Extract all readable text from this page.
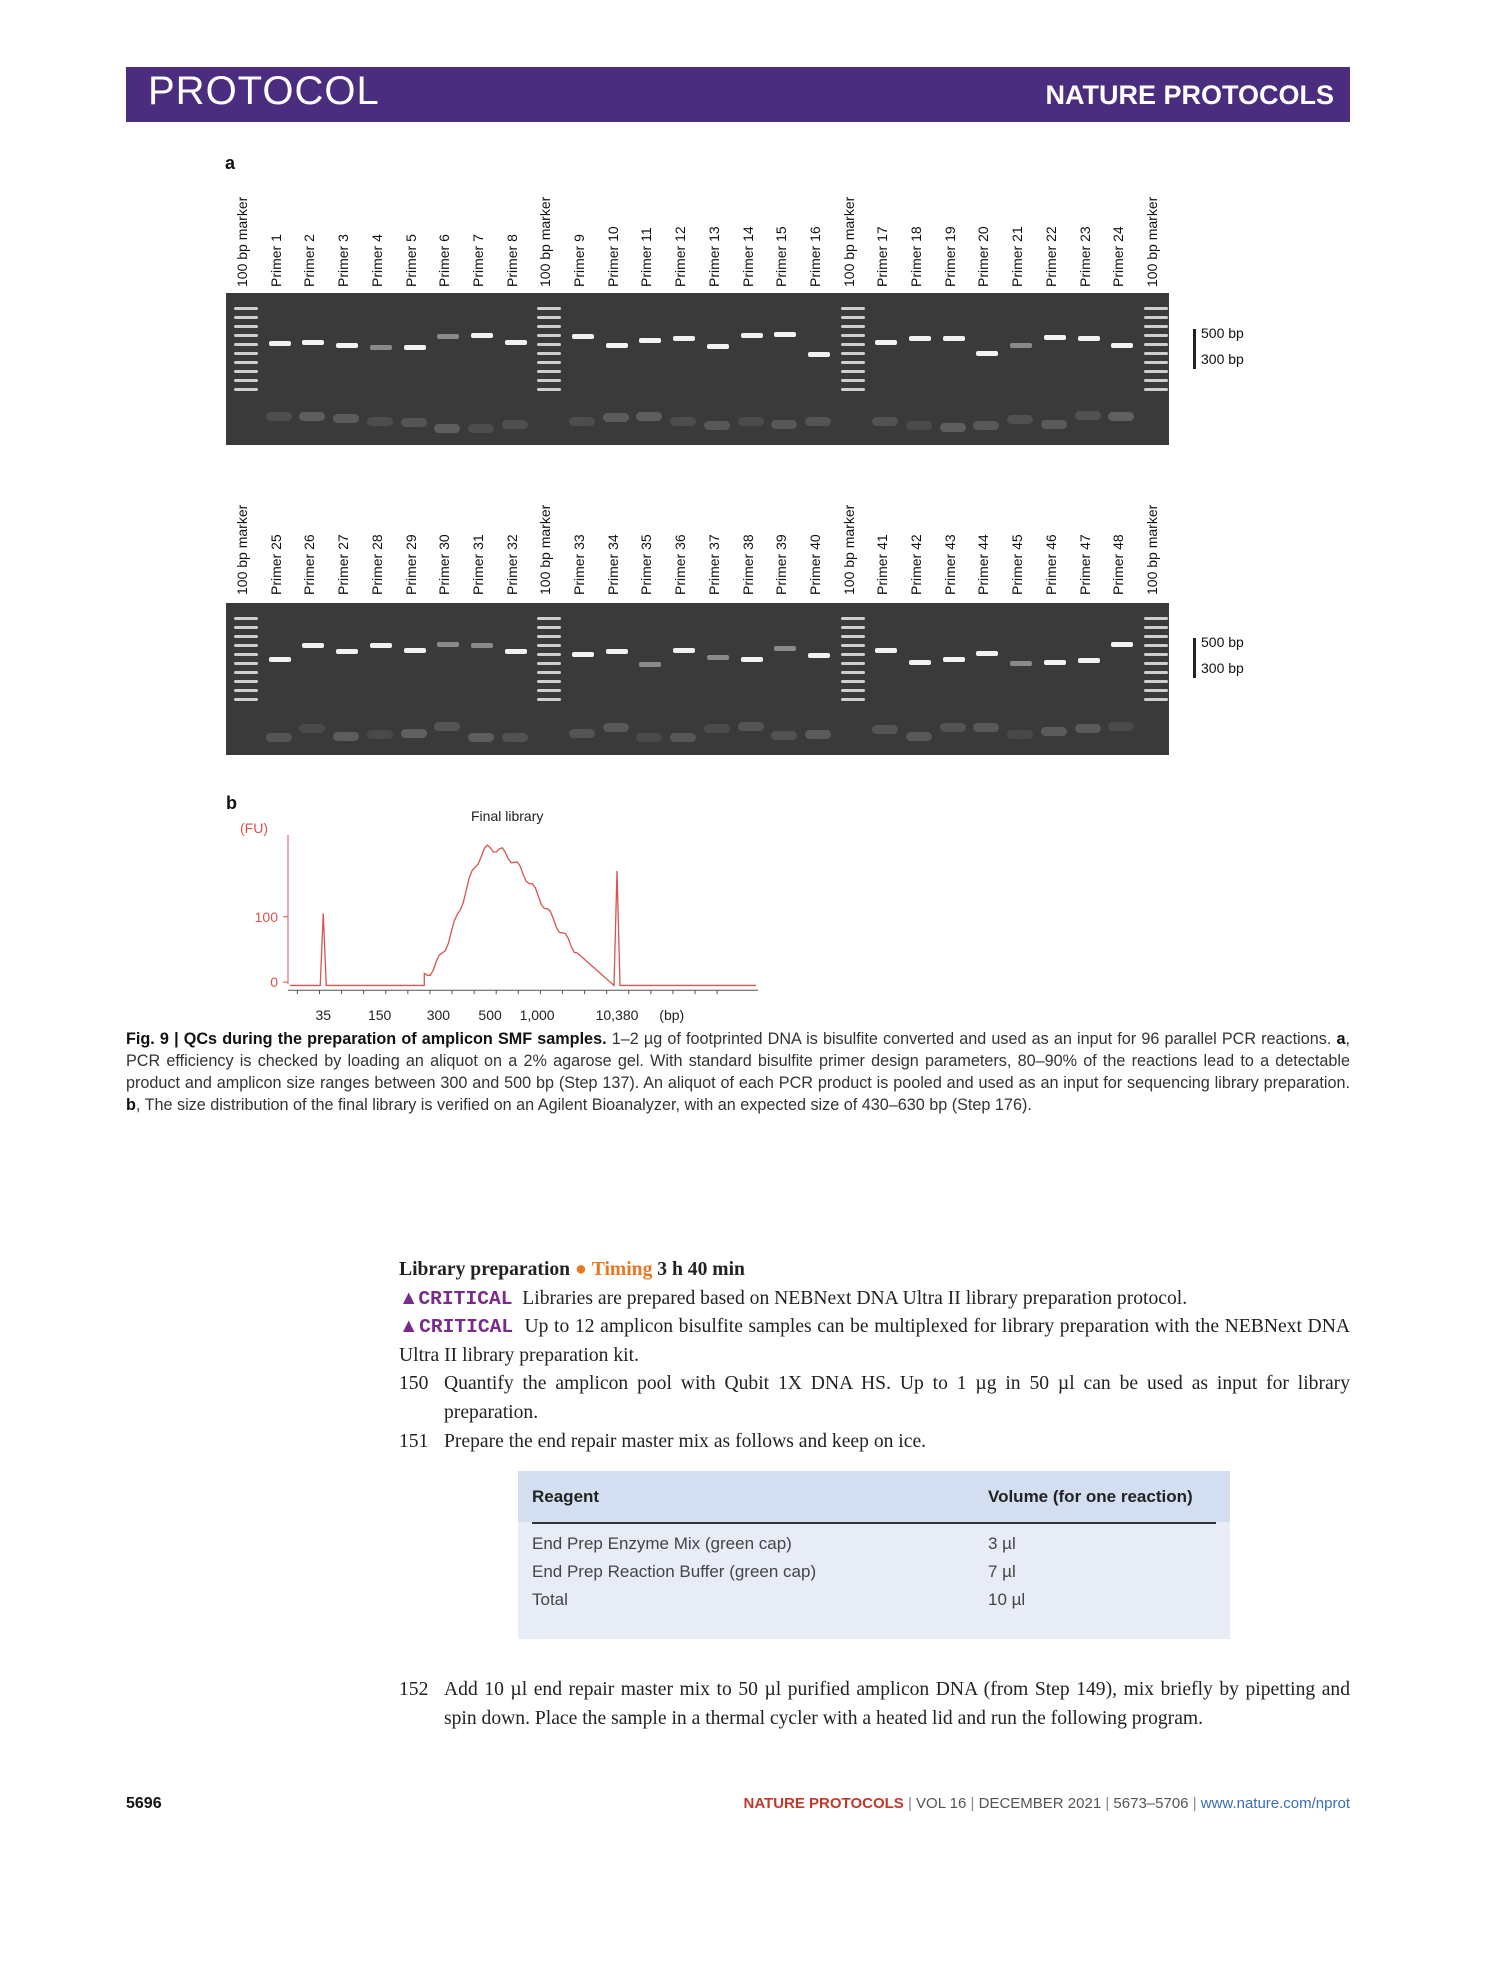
PROTOCOL	NATURE PROTOCOLS
a
100 bp marker Primer 1 Primer 2 Primer 3 Primer 4 Primer 5 Primer 6 Primer 7 Primer 8 100 bp marker Primer 9 Primer 10 Primer 11 Primer 12 Primer 13 Primer 14 Primer 15 Primer 16 100 bp marker Primer 17 Primer 18 Primer 19 Primer 20 Primer 21 Primer 22 Primer 23 Primer 24 100 bp marker
500 bp
300 bp
100 bp marker Primer 25 Primer 26 Primer 27 Primer 28 Primer 29 Primer 30 Primer 31 Primer 32 100 bp marker Primer 33 Primer 34 Primer 35 Primer 36 Primer 37 Primer 38 Primer 39 Primer 40 100 bp marker Primer 41 Primer 42 Primer 43 Primer 44 Primer 45 Primer 46 Primer 47 Primer 48 100 bp marker
500 bp
300 bp
b
100
0
(FU)
Final library
35	150	300 500 1,000	10,380 (bp)
Fig. 9 | QCs during the preparation of amplicon SMF samples. 1–2 µg of footprinted DNA is bisulfite converted and used as an input for 96 parallel PCR reactions. a, PCR efficiency is checked by loading an aliquot on a 2% agarose gel. With standard bisulfite primer design parameters, 80–90% of the reactions lead to a detectable product and amplicon size ranges between 300 and 500 bp (Step 137). An aliquot of each PCR product is pooled and used as an input for sequencing library preparation. b, The size distribution of the final library is verified on an Agilent Bioanalyzer, with an expected size of 430–630 bp (Step 176).
Library preparation ● Timing 3 h 40 min
▲CRITICAL Libraries are prepared based on NEBNext DNA Ultra II library preparation protocol.
▲CRITICAL Up to 12 amplicon bisulfite samples can be multiplexed for library preparation with the NEBNext DNA Ultra II library preparation kit.
150 Quantify the amplicon pool with Qubit 1X DNA HS. Up to 1 µg in 50 µl can be used as input for library preparation.
151 Prepare the end repair master mix as follows and keep on ice.
Reagent	Volume (for one reaction)
End Prep Enzyme Mix (green cap)	3 µl
End Prep Reaction Buffer (green cap)	7 µl
Total	10 µl
152 Add 10 µl end repair master mix to 50 µl purified amplicon DNA (from Step 149), mix briefly by pipetting and spin down. Place the sample in a thermal cycler with a heated lid and run the following program.
5696	NATURE PROTOCOLS | VOL 16 | DECEMBER 2021 | 5673–5706 | www.nature.com/nprot
